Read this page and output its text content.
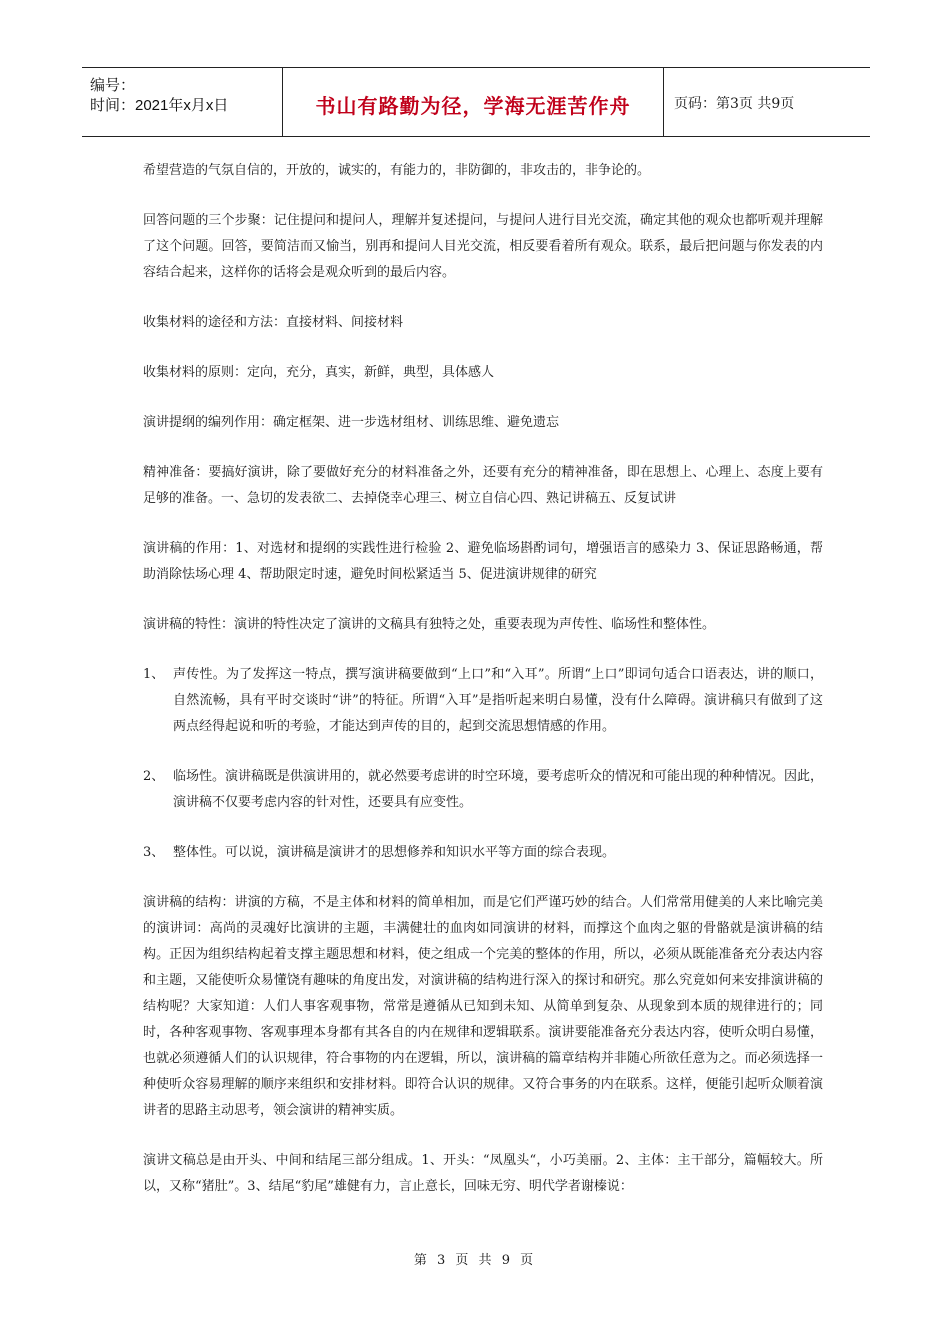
编号：
时间：2021年x月x日	书山有路勤为径，学海无涯苦作舟	页码：第3页 共9页

希望营造的气氛自信的，开放的，诚实的，有能力的，非防御的，非攻击的，非争论的。

回答问题的三个步聚：记住提问和提问人，理解并复述提问，与提问人进行目光交流，确定其他的观众也都听观并理解了这个问题。回答，要简洁而又愉当，别再和提问人目光交流，相反要看着所有观众。联系，最后把问题与你发表的内容结合起来，这样你的话将会是观众听到的最后内容。

收集材料的途径和方法：直接材料、间接材料

收集材料的原则：定向，充分，真实，新鲜，典型，具体感人

演讲提纲的编列作用：确定框架、进一步选材组材、训练思维、避免遗忘

精神准备：要搞好演讲，除了要做好充分的材料准备之外，还要有充分的精神准备，即在思想上、心理上、态度上要有足够的准备。一、急切的发表欲二、去掉侥幸心理三、树立自信心四、熟记讲稿五、反复试讲

演讲稿的作用：1、对选材和提纲的实践性进行检验 2、避免临场斟酌词句，增强语言的感染力 3、保证思路畅通，帮助消除怯场心理 4、帮助限定时速，避免时间松紧适当 5、促进演讲规律的研究

演讲稿的特性：演讲的特性决定了演讲的文稿具有独特之处，重要表现为声传性、临场性和整体性。

1、 声传性。为了发挥这一特点，撰写演讲稿要做到“上口”和“入耳”。所谓“上口”即词句适合口语表达，讲的顺口，自然流畅，具有平时交谈时“讲”的特征。所谓“入耳”是指听起来明白易懂，没有什么障碍。演讲稿只有做到了这两点经得起说和听的考验，才能达到声传的目的，起到交流思想情感的作用。
2、 临场性。演讲稿既是供演讲用的，就必然要考虑讲的时空环境，要考虑听众的情况和可能出现的种种情况。因此，演讲稿不仅要考虑内容的针对性，还要具有应变性。
3、 整体性。可以说，演讲稿是演讲才的思想修养和知识水平等方面的综合表现。

演讲稿的结构：讲演的方稿，不是主体和材料的简单相加，而是它们严谨巧妙的结合。人们常常用健美的人来比喻完美的演讲词：高尚的灵魂好比演讲的主题，丰满健壮的血肉如同演讲的材料，而撑这个血肉之躯的骨骼就是演讲稿的结构。正因为组织结构起着支撑主题思想和材料，使之组成一个完美的整体的作用，所以，必须从既能准备充分表达内容和主题，又能使听众易懂饶有趣味的角度出发，对演讲稿的结构进行深入的探讨和研究。那么究竟如何来安排演讲稿的结构呢？大家知道：人们人事客观事物，常常是遵循从已知到未知、从简单到复杂、从现象到本质的规律进行的；同时，各种客观事物、客观事理本身都有其各自的内在规律和逻辑联系。演讲要能准备充分表达内容，使听众明白易懂，也就必须遵循人们的认识规律，符合事物的内在逻辑，所以，演讲稿的篇章结构并非随心所欲任意为之。而必须选择一种使听众容易理解的顺序来组织和安排材料。即符合认识的规律。又符合事务的内在联系。这样，便能引起听众顺着演讲者的思路主动思考，领会演讲的精神实质。

演讲文稿总是由开头、中间和结尾三部分组成。1、开头：“凤凰头“，小巧美丽。2、主体：主干部分，篇幅较大。所以，又称“猪肚”。3、结尾“豹尾”雄健有力，言止意长，回味无穷、明代学者谢榛说：

第 3 页 共 9 页
